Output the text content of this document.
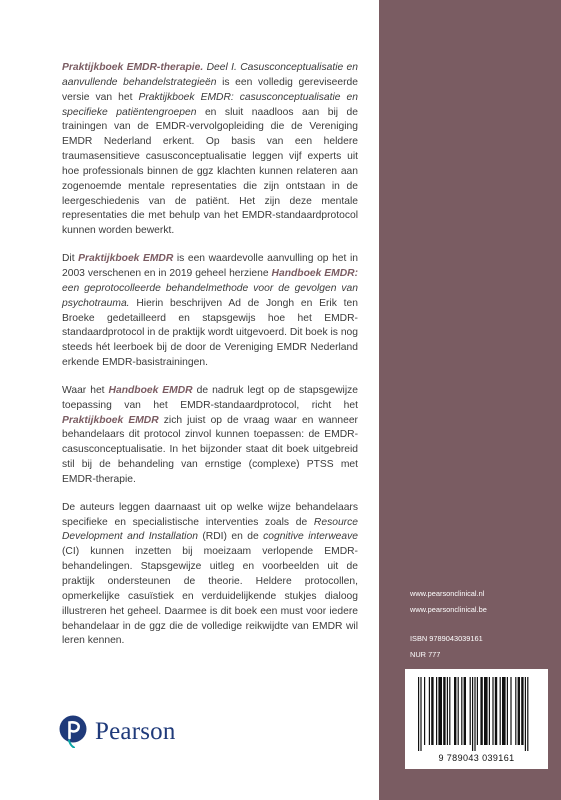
Praktijkboek EMDR-therapie. Deel I. Casusconceptualisatie en aanvullende behandelstrategieën is een volledig gereviseerde versie van het Praktijkboek EMDR: casusconceptualisatie en specifieke patiëntengroepen en sluit naadloos aan bij de trainingen van de EMDR-vervolgopleiding die de Vereniging EMDR Nederland erkent. Op basis van een heldere traumasensitieve casusconceptualisatie leggen vijf experts uit hoe professionals binnen de ggz klachten kunnen relateren aan zogenoemde mentale representaties die zijn ontstaan in de leergeschiedenis van de patiënt. Het zijn deze mentale representaties die met behulp van het EMDR-standaardprotocol kunnen worden bewerkt.

Dit Praktijkboek EMDR is een waardevolle aanvulling op het in 2003 verschenen en in 2019 geheel herziene Handboek EMDR: een geprotocolleerde behandelmethode voor de gevolgen van psychotrauma. Hierin beschrijven Ad de Jongh en Erik ten Broeke gedetailleerd en stapsgewijs hoe het EMDR-standaardprotocol in de praktijk wordt uitgevoerd. Dit boek is nog steeds hét leerboek bij de door de Vereniging EMDR Nederland erkende EMDR-basistrainingen.

Waar het Handboek EMDR de nadruk legt op de stapsgewijze toepassing van het EMDR-standaardprotocol, richt het Praktijkboek EMDR zich juist op de vraag waar en wanneer behandelaars dit protocol zinvol kunnen toepassen: de EMDR-casusconceptualisatie. In het bijzonder staat dit boek uitgebreid stil bij de behandeling van ernstige (complexe) PTSS met EMDR-therapie.

De auteurs leggen daarnaast uit op welke wijze behandelaars specifieke en specialistische interventies zoals de Resource Development and Installation (RDI) en de cognitive interweave (CI) kunnen inzetten bij moeizaam verlopende EMDR-behandelingen. Stapsgewijze uitleg en voorbeelden uit de praktijk ondersteunen de theorie. Heldere protocollen, opmerkelijke casuïstiek en verduidelijkende stukjes dialoog illustreren het geheel. Daarmee is dit boek een must voor iedere behandelaar in de ggz die de volledige reikwijdte van EMDR wil leren kennen.

Pearson
www.pearsonclinical.nl
www.pearsonclinical.be
ISBN 9789043039161
NUR 777
9 789043 039161
